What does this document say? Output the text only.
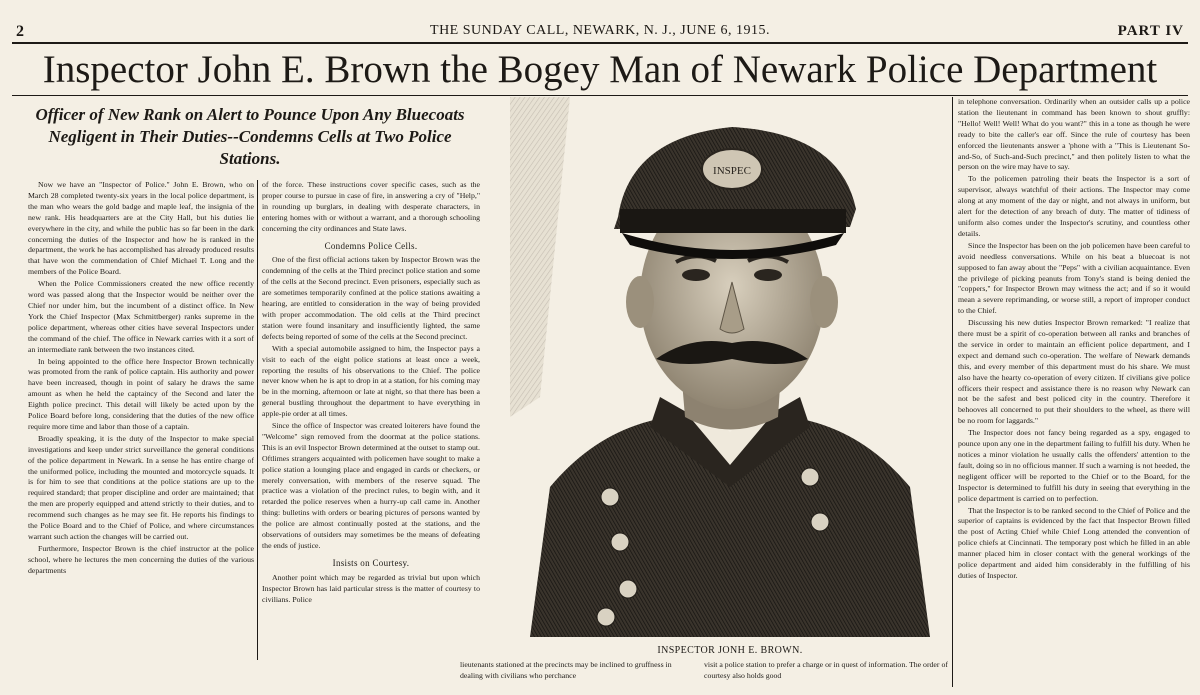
2	THE SUNDAY CALL, NEWARK, N. J., JUNE 6, 1915.	PART IV
Inspector John E. Brown the Bogey Man of Newark Police Department
Officer of New Rank on Alert to Pounce Upon Any Bluecoats Negligent in Their Duties--Condemns Cells at Two Police Stations.

Now we have an "Inspector of Police." John E. Brown, who on March 28 completed twenty-six years in the local police department, is the man who wears the gold badge and maple leaf, the insignia of the new rank. His headquarters are at the City Hall, but his duties lie everywhere in the city, and while the public has so far been in the dark concerning the duties of the Inspector and how he is ranked in the department, the work he has accomplished has already produced results that have won the commendation of Chief Michael T. Long and the members of the Police Board.

When the Police Commissioners created the new office recently word was passed along that the Inspector would be neither over the Chief nor under him, but the incumbent of a distinct office. In New York the Chief Inspector (Max Schmittberger) ranks supreme in the police department, whereas other cities have several Inspectors under the command of the chief. The office in Newark carries with it a sort of an intermediate rank between the two instances cited.

In being appointed to the office here Inspector Brown technically was promoted from the rank of police captain. His authority and power have been increased, though in point of salary he draws the same amount as when he held the captaincy of the Second and later the Eighth police precinct. This detail will likely be acted upon by the Police Board before long, considering that the duties of the new office require more time and labor than those of a captain.

Broadly speaking, it is the duty of the Inspector to make special investigations and keep under strict surveillance the general conditions of the police department in Newark. In a sense he has entire charge of the uniformed police, including the mounted and motorcycle squads. It is for him to see that conditions at the police stations are up to the required standard; that proper discipline and order are maintained; that the men are properly equipped and attend strictly to their duties, and to recommend such changes as he may see fit. He reports his findings to the Police Board and to the Chief of Police, and where circumstances warrant such action the changes will be carried out.

Furthermore, Inspector Brown is the chief instructor at the police school, where he lectures the men concerning the duties of the various departments

of the force. These instructions cover specific cases, such as the proper course to pursue in case of fire, in answering a cry of "Help," in rounding up burglars, in dealing with desperate characters, in entering homes with or without a warrant, and a thorough schooling concerning the city ordinances and State laws.

Condemns Police Cells.

One of the first official actions taken by Inspector Brown was the condemning of the cells at the Third precinct police station and some of the cells at the Second precinct. Even prisoners, especially such as are sometimes temporarily confined at the police stations awaiting a hearing, are entitled to consideration in the way of being provided with proper accommodation. The old cells at the Third precinct station were found insanitary and insufficiently lighted, the same defects being reported of some of the cells at the Second precinct.

With a special automobile assigned to him, the Inspector pays a visit to each of the eight police stations at least once a week, reporting the results of his observations to the Chief. The police never know when he is apt to drop in at a station, for his coming may be in the morning, afternoon or late at night, so that there has been a general bustling throughout the department to have everything in apple-pie order at all times.

Since the office of Inspector was created loiterers have found the "Welcome" sign removed from the doormat at the police stations. This is an evil Inspector Brown determined at the outset to stamp out. Oftlimes strangers acquainted with policemen have sought to make a police station a lounging place and engaged in cards or checkers, or merely conversation, with members of the reserve squad. The practice was a violation of the precinct rules, to begin with, and it retarded the police reserves when a hurry-up call came in. Another thing: bulletins with orders or bearing pictures of persons wanted by the police are almost continually posted at the stations, and the observations of outsiders may sometimes be the means of defeating the ends of justice.

Insists on Courtesy.

Another point which may be regarded as trivial but upon which Inspector Brown has laid particular stress is the matter of courtesy to civilians. Police

INSPEC
INSPECTOR JONH E. BROWN.
lieutenants stationed at the precincts may be inclined to gruffness in dealing with civilians who perchance
visit a police station to prefer a charge or in quest of information. The order of courtesy also holds good

in telephone conversation. Ordinarily when an outsider calls up a police station the lieutenant in command has been known to shout gruffly: "Hello! Well! Well! What do you want?" this in a tone as though he were ready to bite the caller's ear off. Since the rule of courtesy has been enforced the lieutenants answer a 'phone with a "This is Lieutenant So-and-So, of Such-and-Such precinct," and then politely listen to what the person on the wire may have to say.

To the policemen patroling their beats the Inspector is a sort of supervisor, always watchful of their actions. The Inspector may come along at any moment of the day or night, and not always in uniform, but alert for the detection of any breach of duty. The matter of tidiness of uniform also comes under the Inspector's scrutiny, and countless other details.

Since the Inspector has been on the job policemen have been careful to avoid needless conversations. While on his beat a bluecoat is not supposed to fan away about the "Peps" with a civilian acquaintance. Even the privilege of picking peanuts from Tony's stand is being denied the "coppers," for Inspector Brown may witness the act; and if so it would mean a severe reprimanding, or worse still, a report of improper conduct to the Chief.

Discussing his new duties Inspector Brown remarked: "I realize that there must be a spirit of co-operation between all ranks and branches of the service in order to maintain an efficient police department, and I expect and demand such co-operation. The welfare of Newark demands this, and every member of this department must do his share. We must also have the hearty co-operation of every citizen. If civilians give police officers their respect and assistance there is no reason why Newark can not be the safest and best policed city in the country. Therefore it behooves all concerned to put their shoulders to the wheel, as there will be no room for laggards."

The Inspector does not fancy being regarded as a spy, engaged to pounce upon any one in the department failing to fulfill his duty. When he notices a minor violation he usually calls the offenders' attention to the fault, doing so in no officious manner. If such a warning is not heeded, the negligent officer will be reported to the Chief or to the Board, for the Inspector is determined to fulfill his duty in seeing that everything in the police department is carried on to perfection.

That the Inspector is to be ranked second to the Chief of Police and the superior of captains is evidenced by the fact that Inspector Brown filled the post of Acting Chief while Chief Long attended the convention of police chiefs at Cincinnati. The temporary post which he filled in an able manner placed him in closer contact with the general workings of the police department and aided him considerably in the fulfilling of his duties of Inspector.
